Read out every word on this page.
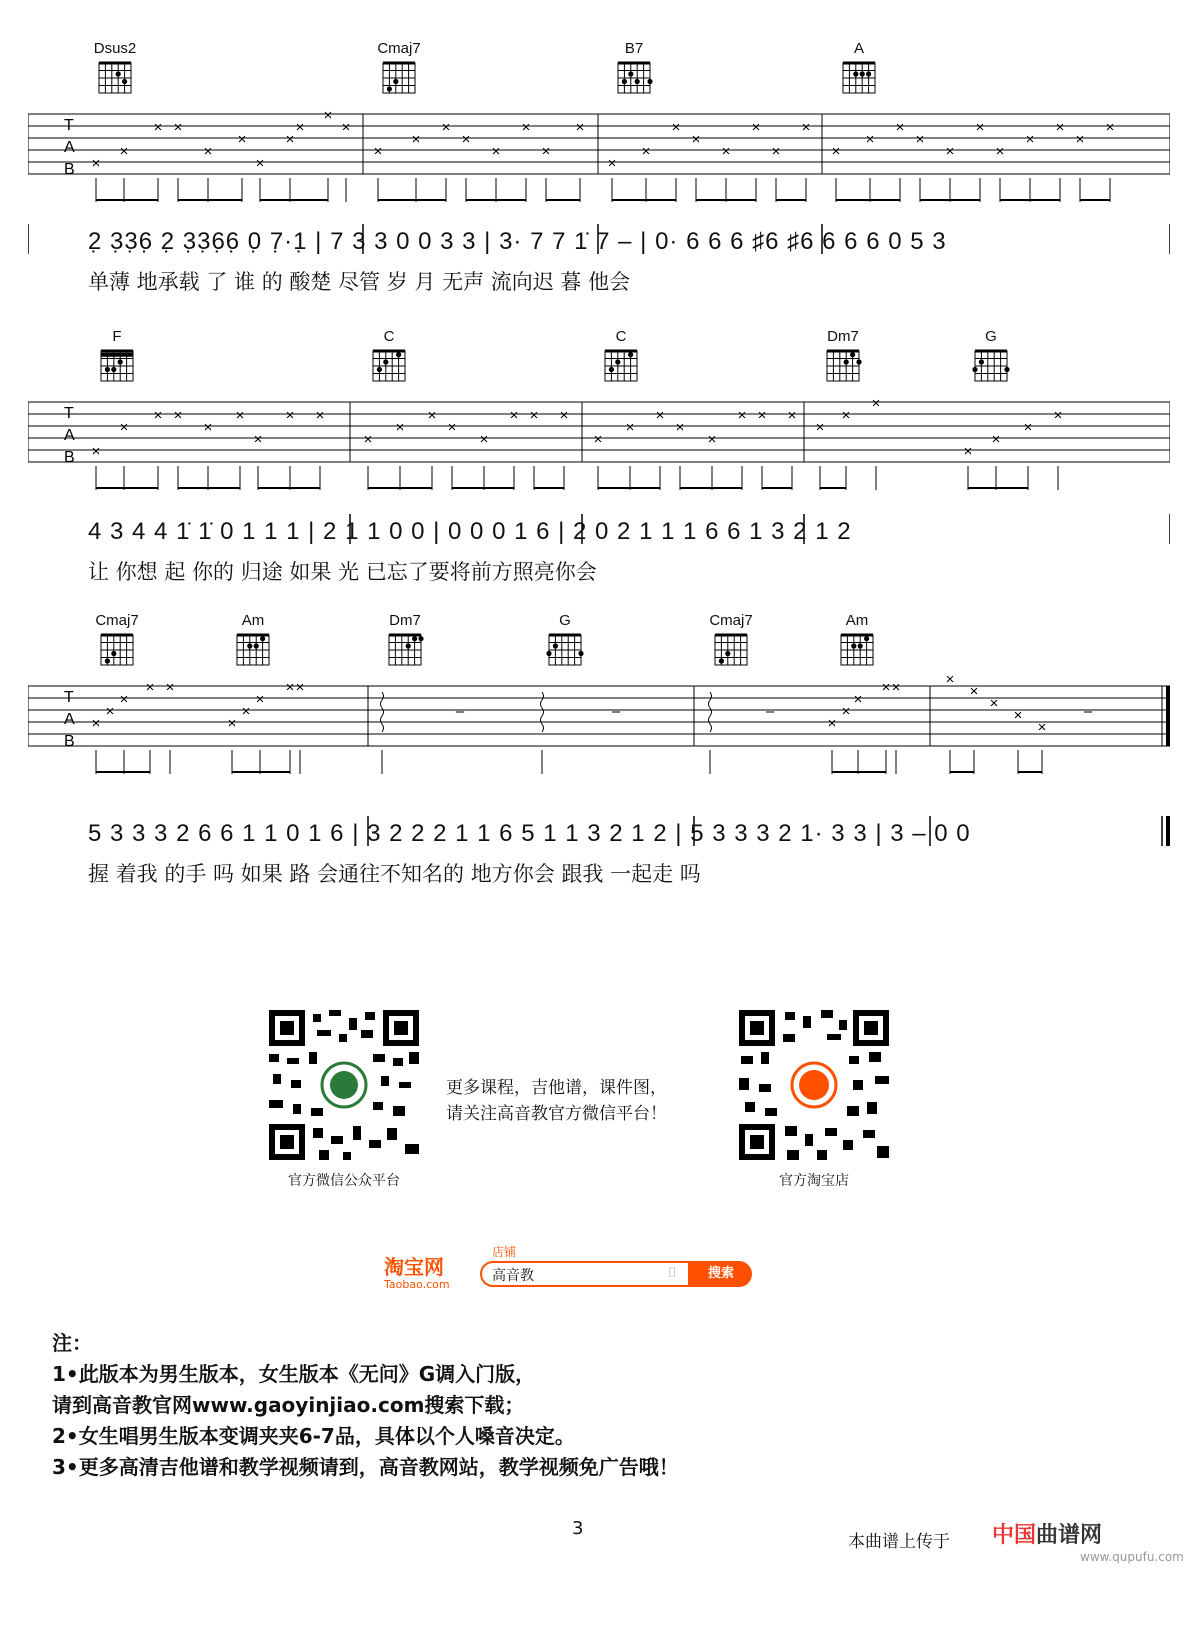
Dsus2	Cmaj7	B7	A
T
A
B ×
×
× ×
×
×
×
×
×
×
×
×
×
×
×
×
×
×
×
×
×
×
×
×
×
×
×
×
×
×
×
×
×
×
×
×
×
×
2̣ 3̣3̣6̣ 2̣ 3̣3̣6̣6̣ 0̣ 7̣·1̣ | 7 3 3 0 0 3 3 | 3· 7 7 1̇ 7 – | 0· 6 6 6 ♯6 ♯6 6 6 6 0 5 3
单薄 地承载 了 谁 的 酸楚 尽管 岁 月 无声 流向迟 暮 他会
F	C	C	Dm7	G
T
A
B ×
×
× ×
×
×
×
× ×
×
×
×
×
×
× × ×
×
×
×
×
×
× × ×
×
×
×
×
×
×
×
4 3 4 4 1̇ 1̇ 0 1 1 1 | 2 1 1 0 0 | 0 0 0 1 6 | 2 0 2 1 1 1 6 6 1 3 2 1 2
让 你想 起 你的 归途 如果 光 已忘了要将前方照亮你会
Cmaj7	Am	Dm7	G	Cmaj7	Am
T
A
B
×
×
×
× ×
×
×
×
× ×
–	–	–
×
×
×
× ×	×
×
×
×
×
–
5 3 3 3 2 6 6 1 1 0 1 6 | 3 2 2 2 1 1 6 5 1 1 3 2 1 2 | 5 3 3 3 2 1· 3 3 | 3 – 0 0
握 着我 的手 吗 如果 路 会通往不知名的 地方你会 跟我 一起走 吗
官方微信公众平台
更多课程，吉他谱，课件图，
请关注高音教官方微信平台！
官方淘宝店
淘宝网
Taobao.com
店铺
高音教	⌷	搜索
注：
1•此版本为男生版本，女生版本《无问》G调入门版，
请到高音教官网www.gaoyinjiao.com搜索下载；
2•女生唱男生版本变调夹夹6-7品，具体以个人嗓音决定。
3•更多高清吉他谱和教学视频请到，高音教网站，教学视频免广告哦！
3
本曲谱上传于 中国曲谱网
www.qupufu.com
